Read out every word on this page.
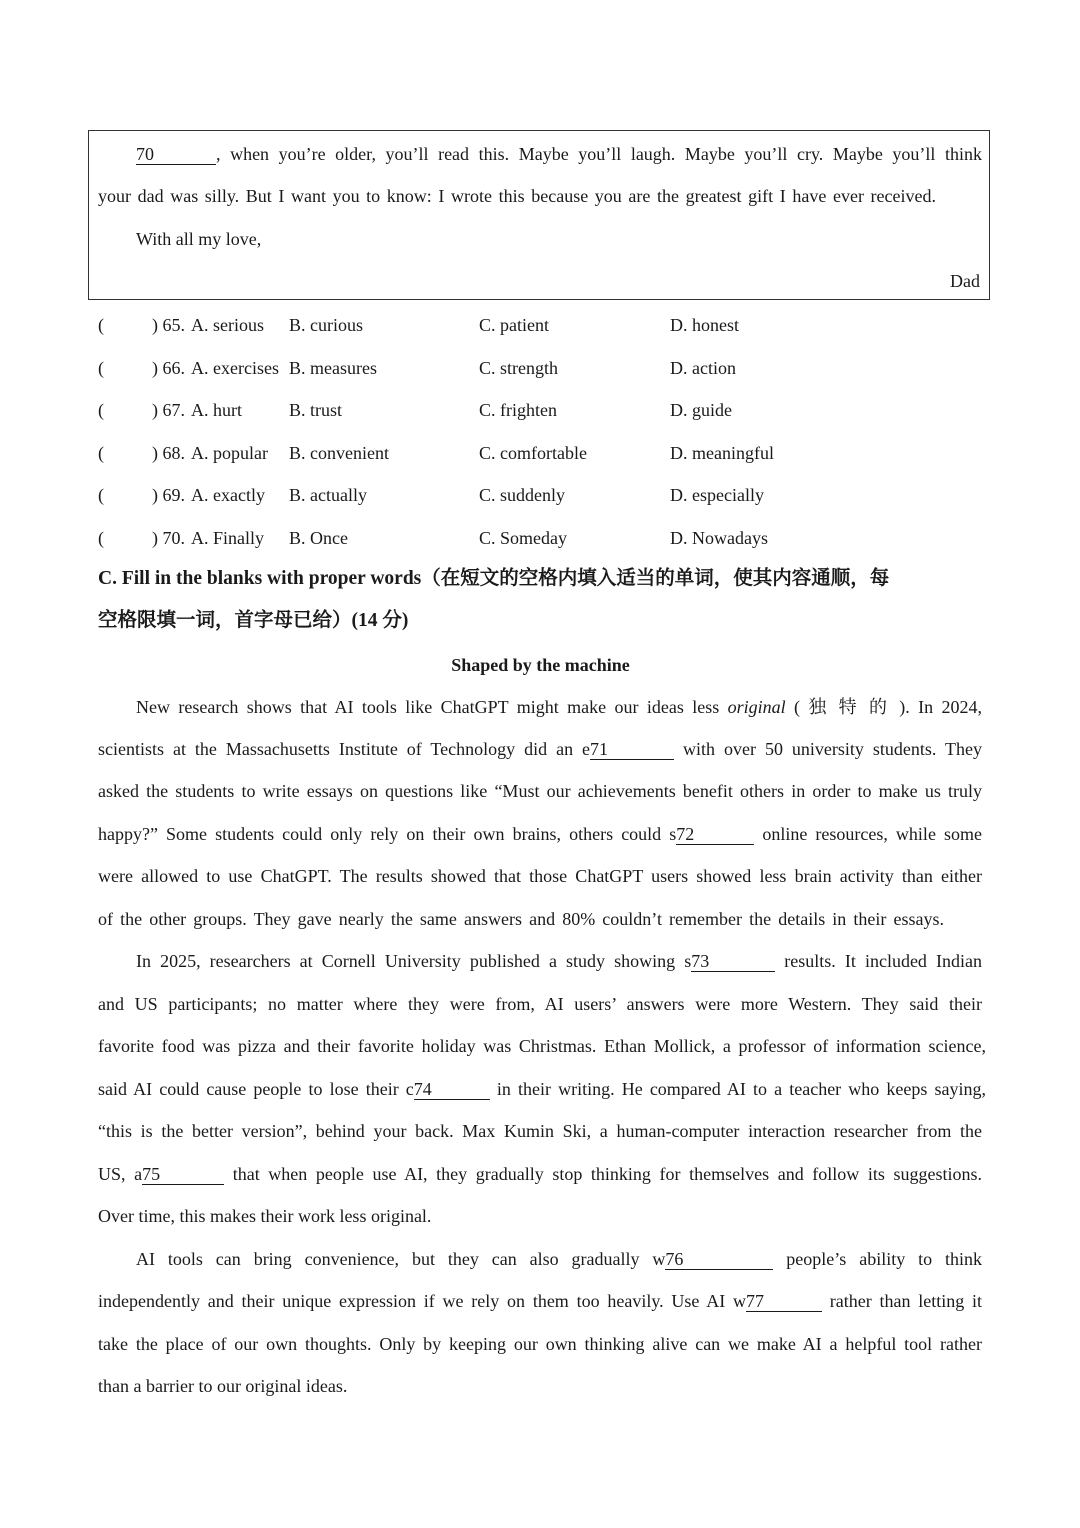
70	, when you’re older, you’ll read this. Maybe you’ll laugh. Maybe you’ll cry. Maybe you’ll think
your dad was silly. But I want you to know: I wrote this because you are the greatest gift I have ever received.
With all my love,
Dad
(	) 65. A. serious B. curious	C. patient	D. honest
(	) 66. A. exercises B. measures	C. strength	D. action
(	) 67. A. hurt	B. trust	C. frighten	D. guide
(	) 68. A. popular B. convenient	C. comfortable	D. meaningful
(	) 69. A. exactly B. actually	C. suddenly	D. especially
(	) 70. A. Finally B. Once	C. Someday	D. Nowadays
C. Fill in the blanks with proper words（在短文的空格内填入适当的单词，使其内容通顺，每
空格限填一词，首字母已给）(14 分)
Shaped by the machine
New research shows that AI tools like ChatGPT might make our ideas less original ( 独 特 的 ). In 2024,
scientists at the Massachusetts Institute of Technology did an e71	with over 50 university students. They
asked the students to write essays on questions like “Must our achievements benefit others in order to make us truly
happy?” Some students could only rely on their own brains, others could s72	online resources, while some
were allowed to use ChatGPT. The results showed that those ChatGPT users showed less brain activity than either
of the other groups. They gave nearly the same answers and 80% couldn’t remember the details in their essays.
In 2025, researchers at Cornell University published a study showing s73	results. It included Indian
and US participants; no matter where they were from, AI users’ answers were more Western. They said their
favorite food was pizza and their favorite holiday was Christmas. Ethan Mollick, a professor of information science,
said AI could cause people to lose their c74	in their writing. He compared AI to a teacher who keeps saying,
“this is the better version”, behind your back. Max Kumin Ski, a human-computer interaction researcher from the
US, a75	that when people use AI, they gradually stop thinking for themselves and follow its suggestions.
Over time, this makes their work less original.
AI tools can bring convenience, but they can also gradually w76	people’s ability to think
independently and their unique expression if we rely on them too heavily. Use AI w77	rather than letting it
take the place of our own thoughts. Only by keeping our own thinking alive can we make AI a helpful tool rather
than a barrier to our original ideas.
